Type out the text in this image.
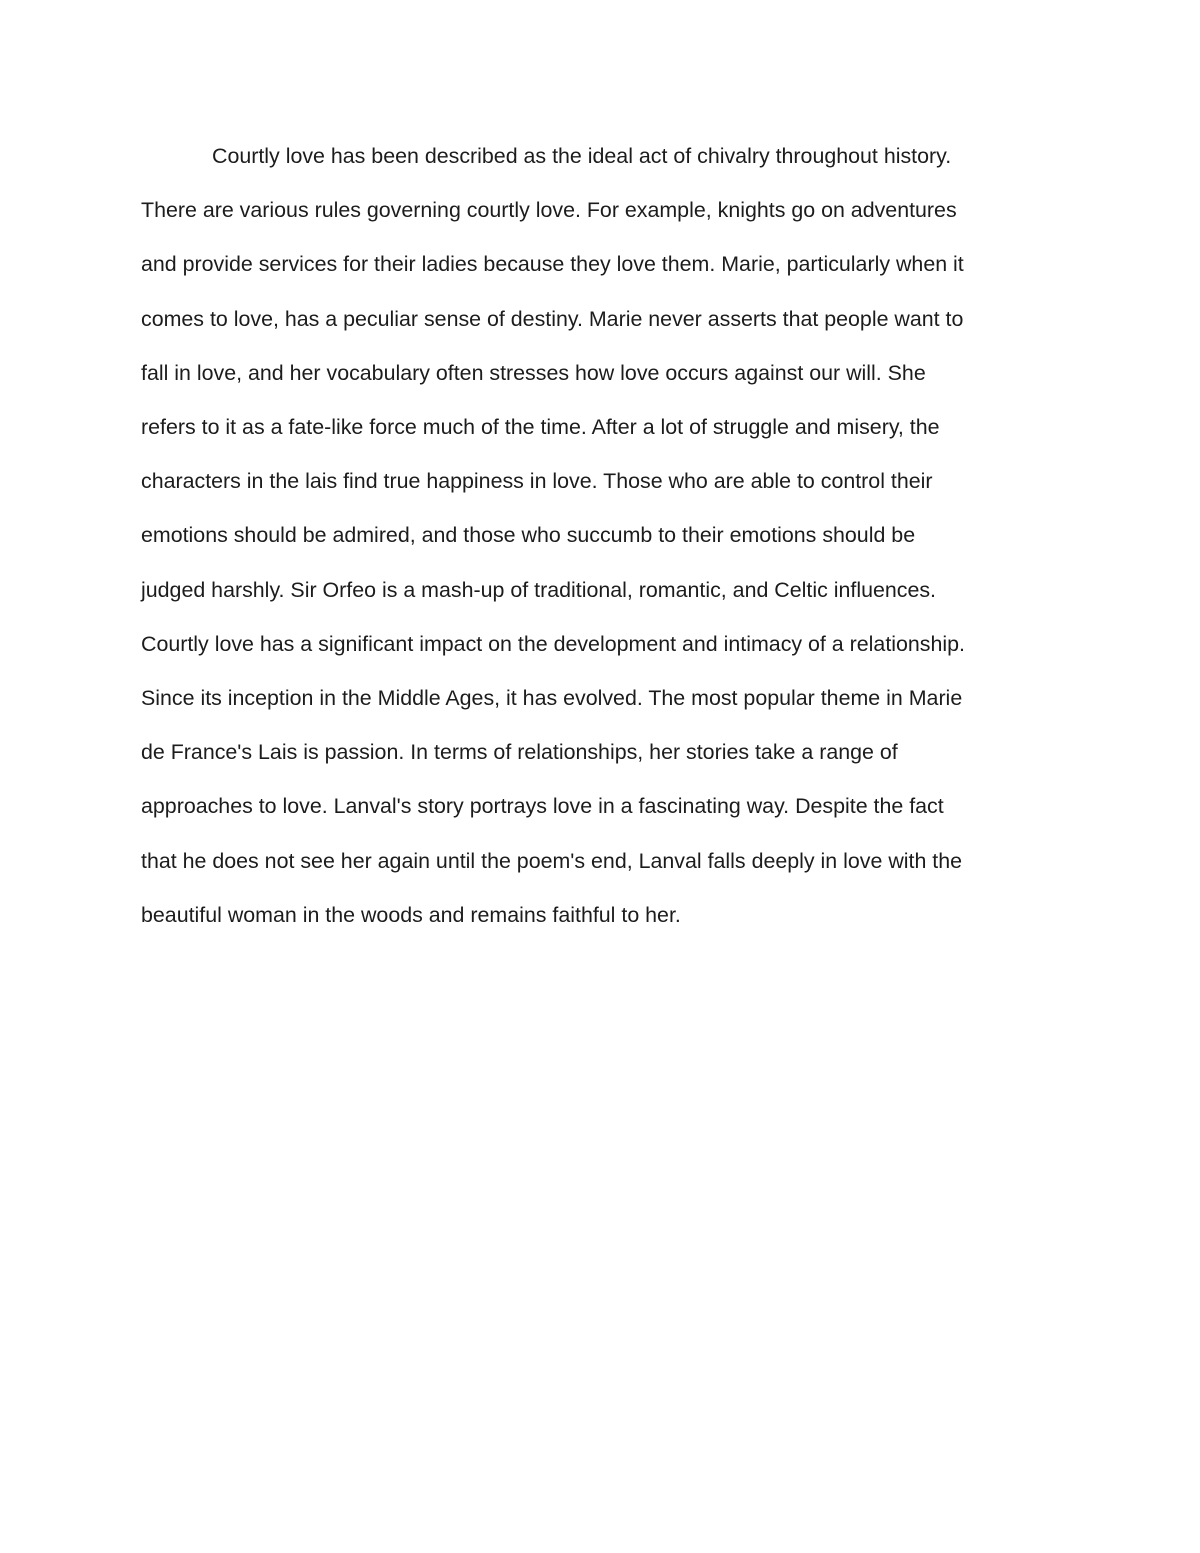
Courtly love has been described as the ideal act of chivalry throughout history.
There are various rules governing courtly love. For example, knights go on adventures
and provide services for their ladies because they love them. Marie, particularly when it
comes to love, has a peculiar sense of destiny. Marie never asserts that people want to
fall in love, and her vocabulary often stresses how love occurs against our will. She
refers to it as a fate-like force much of the time. After a lot of struggle and misery, the
characters in the lais find true happiness in love. Those who are able to control their
emotions should be admired, and those who succumb to their emotions should be
judged harshly. Sir Orfeo is a mash-up of traditional, romantic, and Celtic influences.
Courtly love has a significant impact on the development and intimacy of a relationship.
Since its inception in the Middle Ages, it has evolved. The most popular theme in Marie
de France's Lais is passion. In terms of relationships, her stories take a range of
approaches to love. Lanval's story portrays love in a fascinating way. Despite the fact
that he does not see her again until the poem's end, Lanval falls deeply in love with the
beautiful woman in the woods and remains faithful to her.
